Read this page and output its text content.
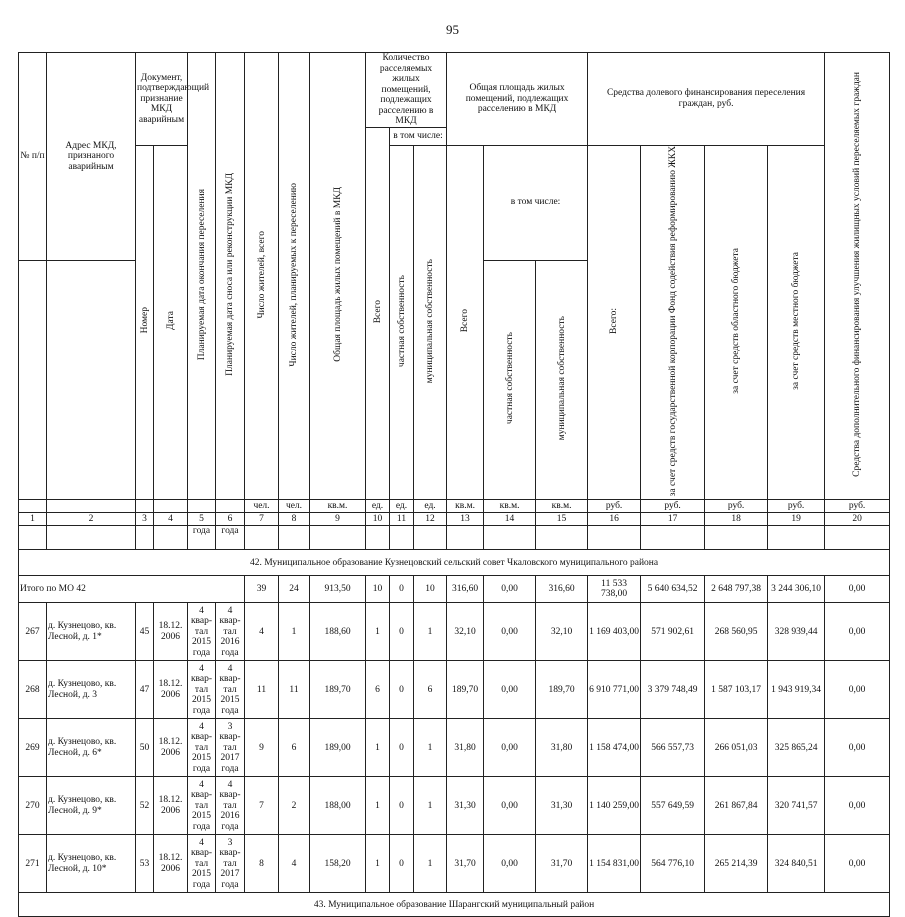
95
№ п/п	Адрес МКД, признаного аварийным	Документ, подтверждающий признание МКД аварийным		Планируемая дата окончания переселения	Планируемая дата сноса или реконструкции МКД	Число жителей, всего	Число жителей, планируемых к переселению	Общая площадь жилых помещений в МКД	Количество расселяемых жилых помещений, подлежащих расселению в МКД			Общая площадь жилых помещений, подлежащих расселению в МКД			Средства долевого финансирования переселения граждан, руб.				Средства дополнительного финансирования улучшения жилищных условий переселяемых граждан
									Всего	в том числе:									
		Номер	Дата							частная собственность	муниципальная собственность	Всего	в том числе:		Всего:	за счет средств государственной корпорации Фонд содействия реформированию ЖКХ	за счет средств областного бюджета	за счет средств местного бюджета	
													частная собственность	муниципальная собственность					
						чел.	чел.	кв.м.	ед.	ед.	ед.	кв.м.	кв.м.	кв.м.	руб.	руб.	руб.	руб.	руб.
1	2	3	4	5	6	7	8	9	10	11	12	13	14	15	16	17	18	19	20
				года	года														
42. Муниципальное образование Кузнецовский сельский совет Чкаловского муниципального района																			
Итого по МО 42						39	24	913,50	10	0	10	316,60	0,00	316,60	11 533 738,00	5 640 634,52	2 648 797,38	3 244 306,10	0,00
267	д. Кузнецово, кв. Лесной, д. 1*	45	18.12. 2006	4 квар- тал 2015 года	4 квар- тал 2016 года	4	1	188,60	1	0	1	32,10	0,00	32,10	1 169 403,00	571 902,61	268 560,95	328 939,44	0,00
268	д. Кузнецово, кв. Лесной, д. 3	47	18.12. 2006	4 квар- тал 2015 года	4 квар- тал 2015 года	11	11	189,70	6	0	6	189,70	0,00	189,70	6 910 771,00	3 379 748,49	1 587 103,17	1 943 919,34	0,00
269	д. Кузнецово, кв. Лесной, д. 6*	50	18.12. 2006	4 квар- тал 2015 года	3 квар- тал 2017 года	9	6	189,00	1	0	1	31,80	0,00	31,80	1 158 474,00	566 557,73	266 051,03	325 865,24	0,00
270	д. Кузнецово, кв. Лесной, д. 9*	52	18.12. 2006	4 квар- тал 2015 года	4 квар- тал 2016 года	7	2	188,00	1	0	1	31,30	0,00	31,30	1 140 259,00	557 649,59	261 867,84	320 741,57	0,00
271	д. Кузнецово, кв. Лесной, д. 10*	53	18.12. 2006	4 квар- тал 2015 года	3 квар- тал 2017 года	8	4	158,20	1	0	1	31,70	0,00	31,70	1 154 831,00	564 776,10	265 214,39	324 840,51	0,00
43. Муниципальное образование Шарангский муниципальный район																			
